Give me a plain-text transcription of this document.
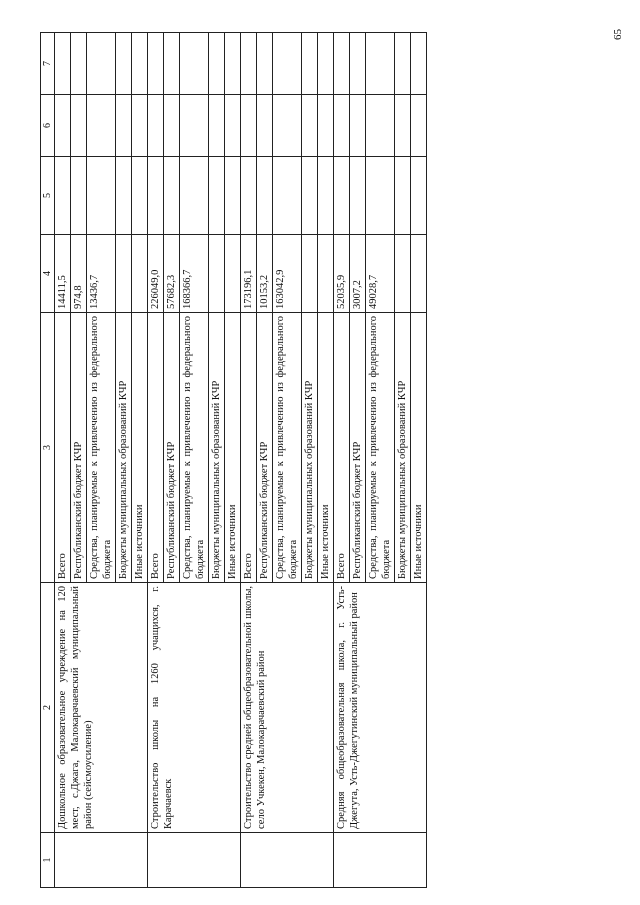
65
1	2	3	4	5	6	7
	Дошкольное образовательное учреждение на 120 мест, с.Джага, Малокарачаевский муниципальный район (сейсмоусиление)	Всего	14411,5			
		Республиканский бюджет КЧР	974,8			
		Средства, планируемые к привлечению из федерального бюджета	13436,7			
		Бюджеты муниципальных образований КЧР				
		Иные источники				
	Строительство школы на 1260 учащихся, г. Карачаевск	Всего	226049,0			
		Республиканский бюджет КЧР	57682,3			
		Средства, планируемые к привлечению из федерального бюджета	168366,7			
		Бюджеты муниципальных образований КЧР				
		Иные источники				
	Строительство средней общеобразовательной школы, село Учкекен, Малокарачаевский район	Всего	173196,1			
		Республиканский бюджет КЧР	10153,2			
		Средства, планируемые к привлечению из федерального бюджета	163042,9			
		Бюджеты муниципальных образований КЧР				
		Иные источники				
	Средняя общеобразовательная школа, г. Усть-Джегута, Усть-Джегутинский муниципальный район	Всего	52035,9			
		Республиканский бюджет КЧР	3007,2			
		Средства, планируемые к привлечению из федерального бюджета	49028,7			
		Бюджеты муниципальных образований КЧР				
		Иные источники				
